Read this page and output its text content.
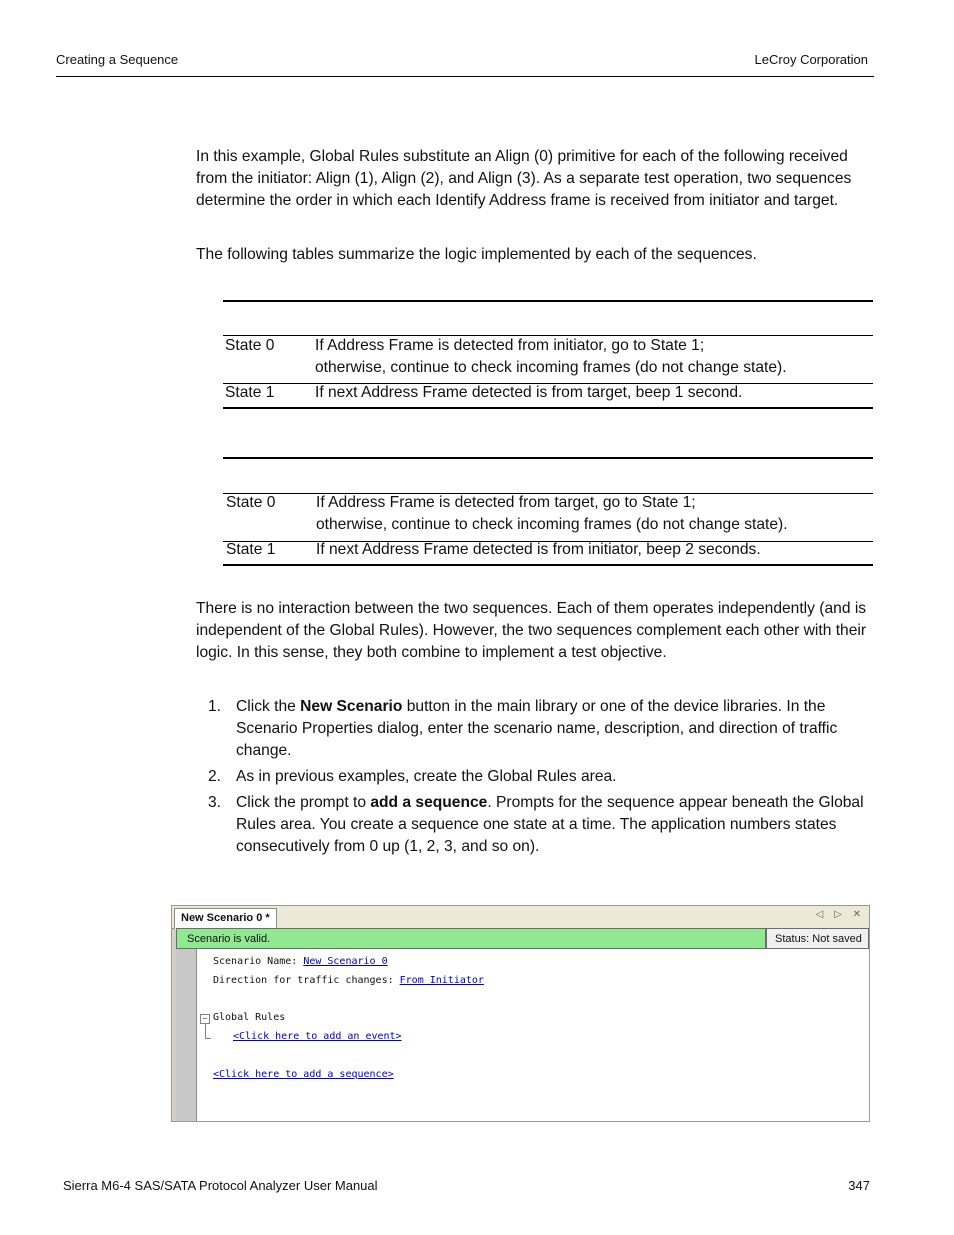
Creating a Sequence	LeCroy Corporation

In this example, Global Rules substitute an Align (0) primitive for each of the following received from the initiator: Align (1), Align (2), and Align (3). As a separate test operation, two sequences determine the order in which each Identify Address frame is received from initiator and target.

The following tables summarize the logic implemented by each of the sequences.

State 0	If Address Frame is detected from initiator, go to State 1;
otherwise, continue to check incoming frames (do not change state).
State 1	If next Address Frame detected is from target, beep 1 second.
State 0	If Address Frame is detected from target, go to State 1;
otherwise, continue to check incoming frames (do not change state).
State 1	If next Address Frame detected is from initiator, beep 2 seconds.

There is no interaction between the two sequences. Each of them operates independently (and is independent of the Global Rules). However, the two sequences complement each other with their logic. In this sense, they both combine to implement a test objective.

1. Click the New Scenario button in the main library or one of the device libraries. In the Scenario Properties dialog, enter the scenario name, description, and direction of traffic change.
2. As in previous examples, create the Global Rules area.
3. Click the prompt to add a sequence. Prompts for the sequence appear beneath the Global Rules area. You create a sequence one state at a time. The application numbers states consecutively from 0 up (1, 2, 3, and so on).
New Scenario 0 *	◁ ▷ ✕
Scenario is valid.	Status: Not saved
Scenario Name: New Scenario 0
Direction for traffic changes: From Initiator
− Global Rules
<Click here to add an event>
<Click here to add a sequence>
Sierra M6-4 SAS/SATA Protocol Analyzer User Manual	347
